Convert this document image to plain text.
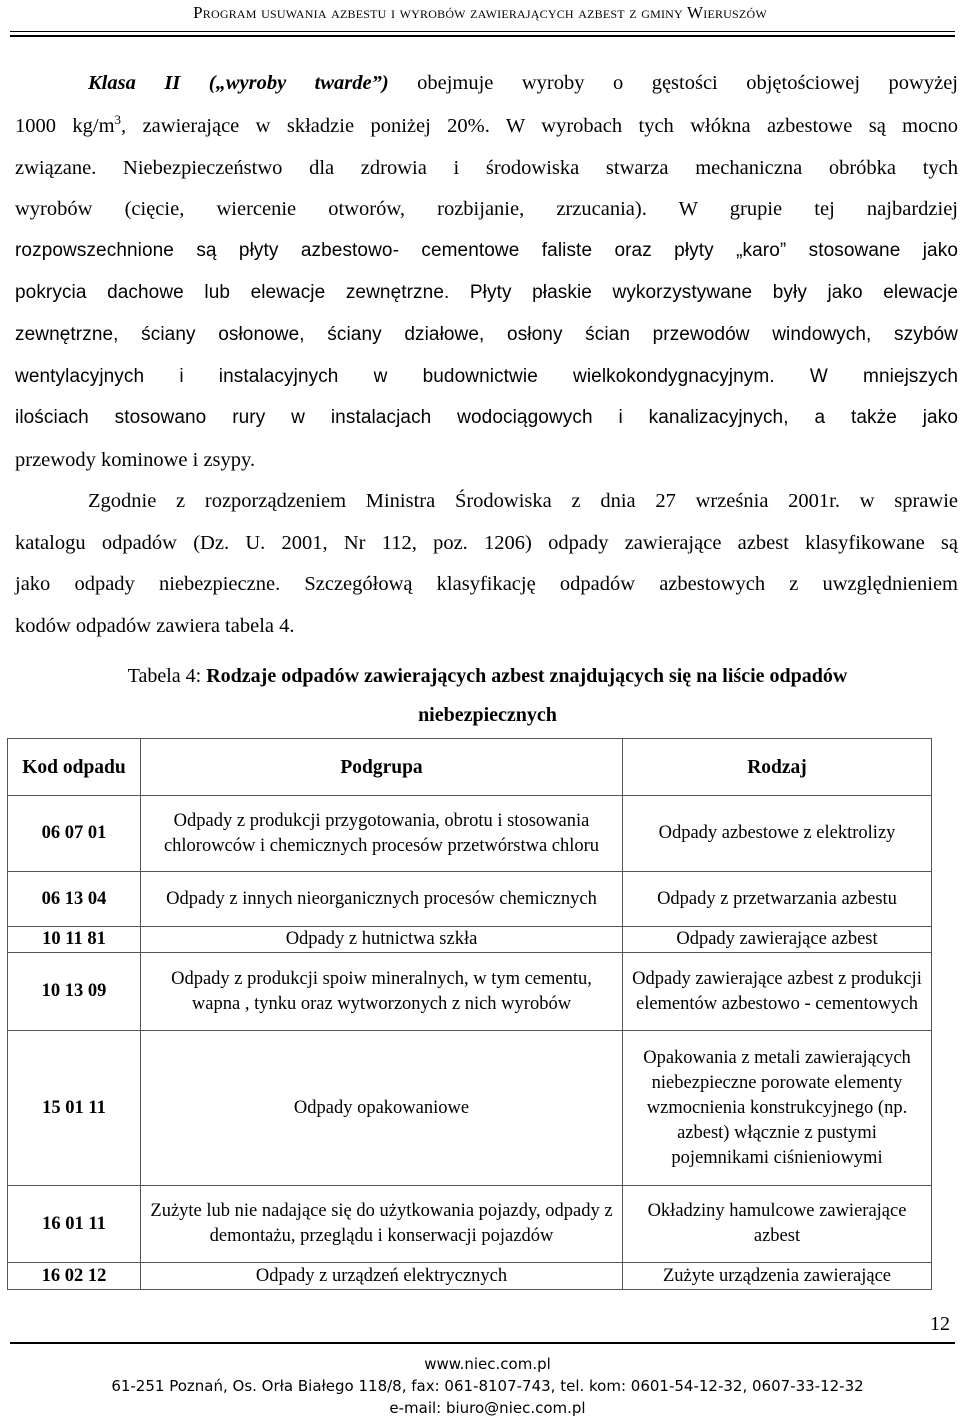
Program usuwania azbestu i wyrobów zawierających azbest z gminy Wieruszów
Klasa II („wyroby twarde”) obejmuje wyroby o gęstości objętościowej powyżej
1000 $kg/m^3$, zawierające w składzie poniżej 20%. W wyrobach tych włókna azbestowe są mocno
związane. Niebezpieczeństwo dla zdrowia i środowiska stwarza mechaniczna obróbka tych
wyrobów (cięcie, wiercenie otworów, rozbijanie, zrzucania). W grupie tej najbardziej
rozpowszechnione są płyty azbestowo- cementowe faliste oraz płyty „karo” stosowane jako
pokrycia dachowe lub elewacje zewnętrzne. Płyty płaskie wykorzystywane były jako elewacje
zewnętrzne, ściany osłonowe, ściany działowe, osłony ścian przewodów windowych, szybów
wentylacyjnych i instalacyjnych w budownictwie wielkokondygnacyjnym. W mniejszych
ilościach stosowano rury w instalacjach wodociągowych i kanalizacyjnych, a także jako
przewody kominowe i zsypy.
Zgodnie z rozporządzeniem Ministra Środowiska z dnia 27 września 2001r. w sprawie
katalogu odpadów (Dz. U. 2001, Nr 112, poz. 1206) odpady zawierające azbest klasyfikowane są
jako odpady niebezpieczne. Szczegółową klasyfikację odpadów azbestowych z uwzględnieniem
kodów odpadów zawiera tabela 4.
Tabela 4: Rodzaje odpadów zawierających azbest znajdujących się na liście odpadów
niebezpiecznych
Kod odpadu	Podgrupa	Rodzaj
06 07 01	Odpady z produkcji przygotowania, obrotu i stosowania chlorowców i chemicznych procesów przetwórstwa chloru	Odpady azbestowe z elektrolizy
06 13 04	Odpady z innych nieorganicznych procesów chemicznych	Odpady z przetwarzania azbestu
10 11 81	Odpady z hutnictwa szkła	Odpady zawierające azbest
10 13 09	Odpady z produkcji spoiw mineralnych, w tym cementu, wapna , tynku oraz wytworzonych z nich wyrobów	Odpady zawierające azbest z produkcji elementów azbestowo - cementowych
15 01 11	Odpady opakowaniowe	Opakowania z metali zawierających niebezpieczne porowate elementy wzmocnienia konstrukcyjnego (np. azbest) włącznie z pustymi pojemnikami ciśnieniowymi
16 01 11	Zużyte lub nie nadające się do użytkowania pojazdy, odpady z demontażu, przeglądu i konserwacji pojazdów	Okładziny hamulcowe zawierające azbest
16 02 12	Odpady z urządzeń elektrycznych	Zużyte urządzenia zawierające
12
www.niec.com.pl
61-251 Poznań, Os. Orła Białego 118/8, fax: 061-8107-743, tel. kom: 0601-54-12-32, 0607-33-12-32
e-mail: biuro@niec.com.pl
